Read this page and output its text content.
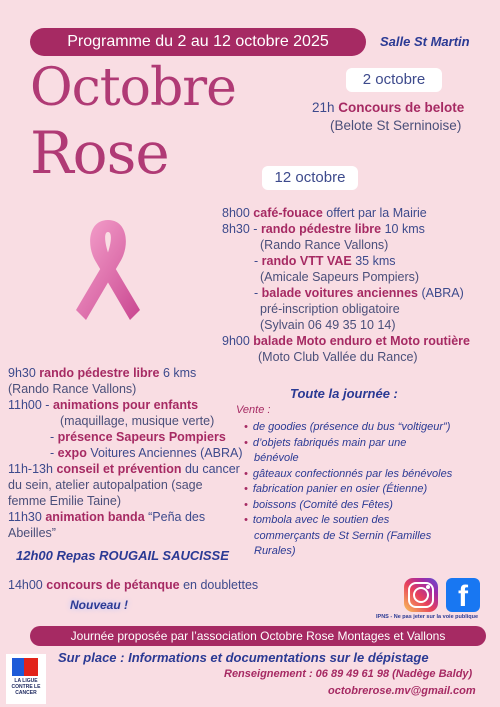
Programme du 2 au 12 octobre 2025	Salle St Martin
Octobre
Rose
2 octobre
21h Concours de belote
(Belote St Serninoise)
12 octobre
8h00 café-fouace offert par la Mairie
8h30 - rando pédestre libre 10 kms
(Rando Rance Vallons)
- rando VTT VAE 35 kms
(Amicale Sapeurs Pompiers)
- balade voitures anciennes (ABRA)
pré-inscription obligatoire
(Sylvain 06 49 35 10 14)
9h00 balade Moto enduro et Moto routière
(Moto Club Vallée du Rance)
9h30 rando pédestre libre 6 kms
(Rando Rance Vallons)
11h00 - animations pour enfants
(maquillage, musique verte)
- présence Sapeurs Pompiers
- expo Voitures Anciennes (ABRA)
11h-13h conseil et prévention du cancer
du sein, atelier autopalpation (sage
femme Emilie Taine)
11h30 animation banda “Peña des
Abeilles”
12h00 Repas ROUGAIL SAUCISSE
14h00 concours de pétanque en doublettes
Nouveau !
Toute la journée :
Vente :
• de goodies (présence du bus “voltigeur”)
• d’objets fabriqués main par une
bénévole
• gâteaux confectionnés par les bénévoles
• fabrication panier en osier (Étienne)
• boissons (Comité des Fêtes)
• tombola avec le soutien des
commerçants de St Sernin (Familles
Rurales)
f
IPNS - Ne pas jeter sur la voie publique
Journée proposée par l’association Octobre Rose Montages et Vallons
Sur place : Informations et documentations sur le dépistage
Renseignement : 06 89 49 61 98 (Nadège Baldy)
octobrerose.mv@gmail.com
LA LIGUE CONTRE LE CANCER
